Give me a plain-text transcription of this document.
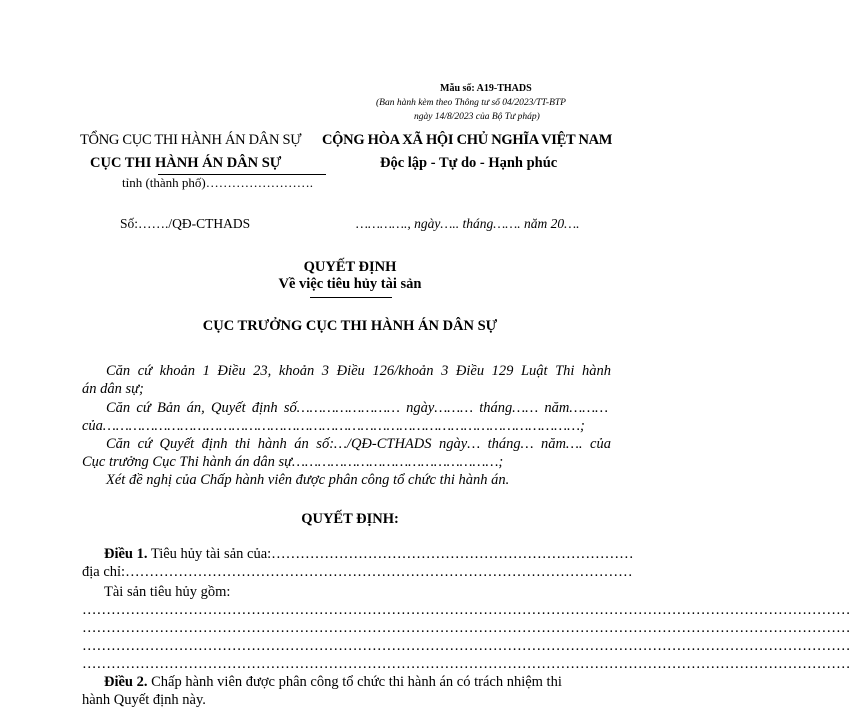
Mẫu số: A19-THADS
(Ban hành kèm theo Thông tư số 04/2023/TT-BTP
ngày 14/8/2023 của Bộ Tư pháp)
TỔNG CỤC THI HÀNH ÁN DÂN SỰ
CỤC THI HÀNH ÁN DÂN SỰ
tỉnh (thành phố)…………………….
CỘNG HÒA XÃ HỘI CHỦ NGHĨA VIỆT NAM
Độc lập - Tự do - Hạnh phúc
Số:……./QĐ-CTHADS	…………., ngày….. tháng……. năm 20….
QUYẾT ĐỊNH
Về việc tiêu hủy tài sản
CỤC TRƯỞNG CỤC THI HÀNH ÁN DÂN SỰ
Căn cứ khoản 1 Điều 23, khoản 3 Điều 126/khoản 3 Điều 129 Luật Thi hành
án dân sự;
Căn cứ Bản án, Quyết định số…………………… ngày……… tháng…… năm………
của…………………………………………………………………………………………………;
Căn cứ Quyết định thi hành án số:…/QĐ-CTHADS ngày… tháng… năm…. của
Cục trưởng Cục Thi hành án dân sự…………………………………………;
Xét đề nghị của Chấp hành viên được phân công tổ chức thi hành án.
QUYẾT ĐỊNH:
Điều 1. Tiêu hủy tài sản của:…………………………………………………………………
địa chỉ:……………………………………………………………………………………………
Tài sản tiêu hủy gồm:
……………………………………………………………………………………………………………………………………………
……………………………………………………………………………………………………………………………………………
……………………………………………………………………………………………………………………………………………
……………………………………………………………………………………………………………………………………………
Điều 2. Chấp hành viên được phân công tổ chức thi hành án có trách nhiệm thi
hành Quyết định này.
